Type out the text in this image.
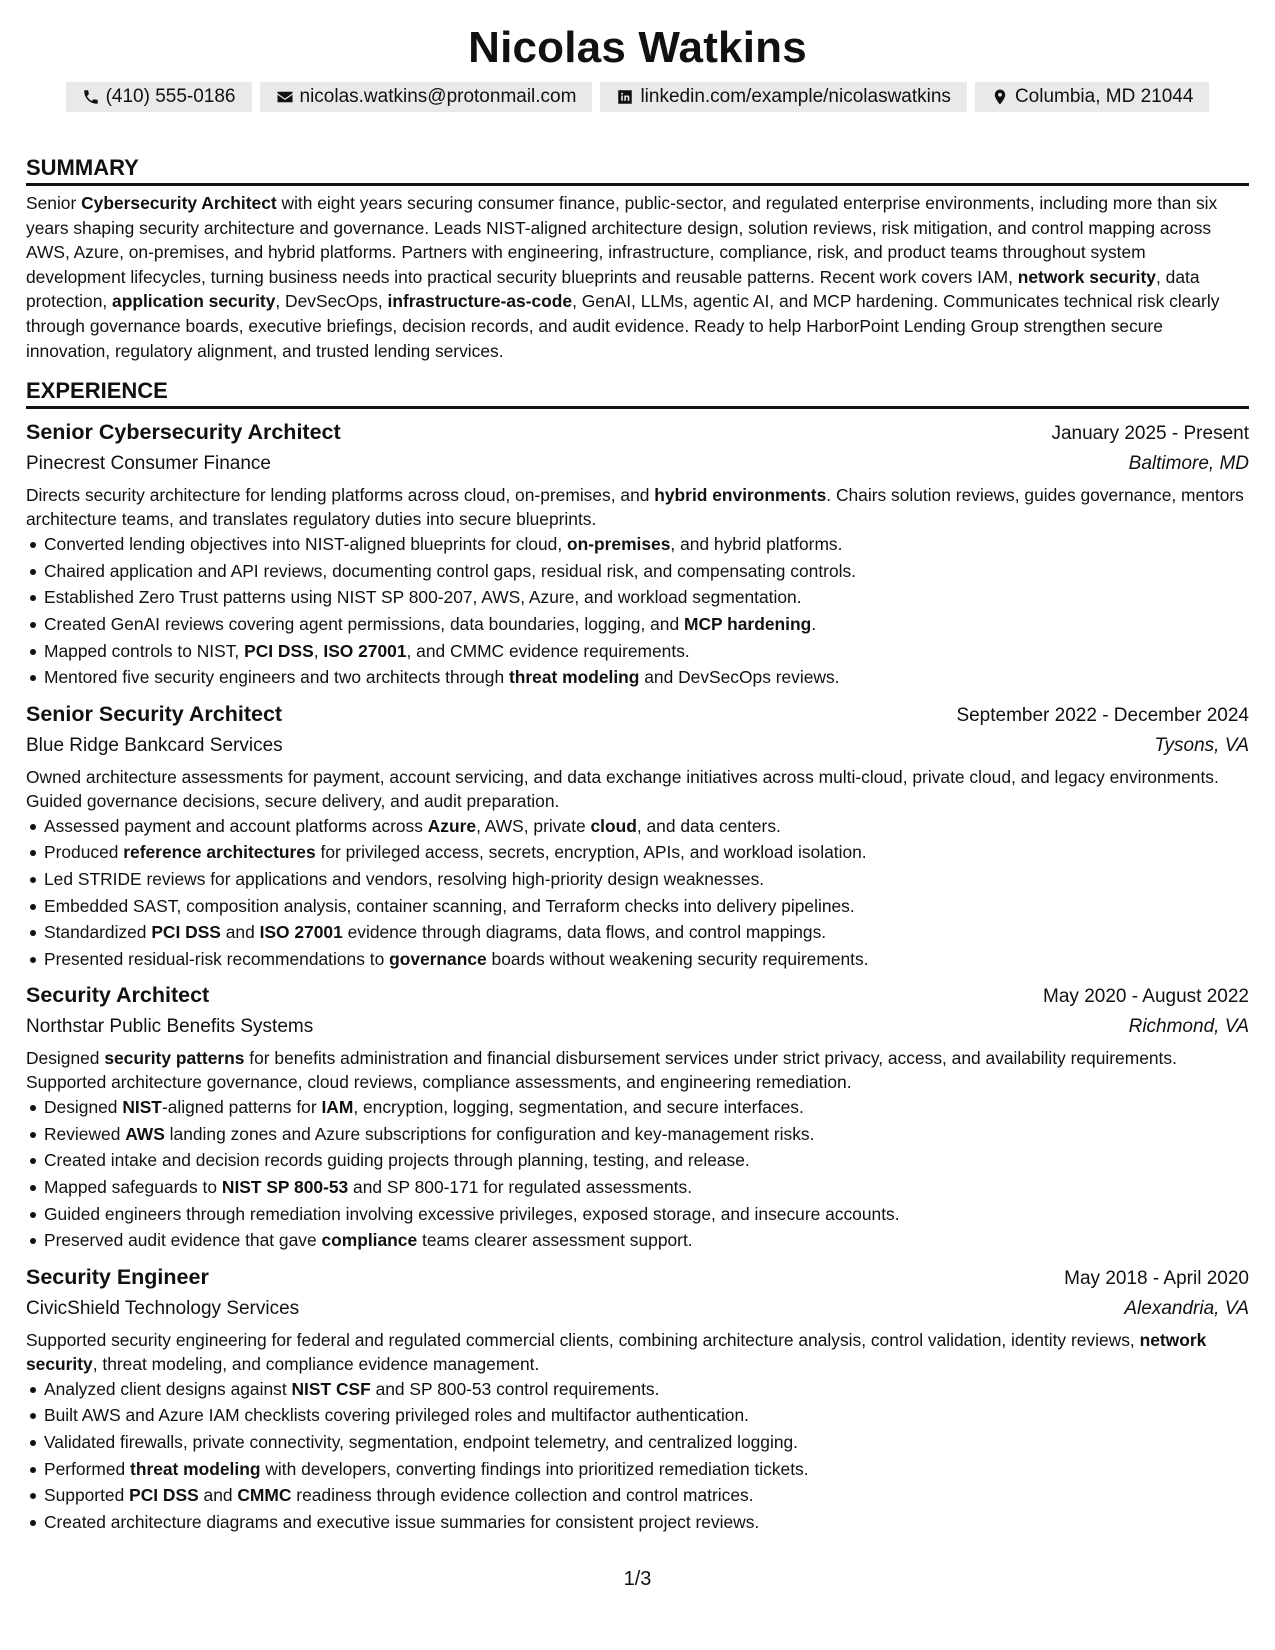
Nicolas Watkins
(410) 555-0186	nicolas.watkins@protonmail.com	linkedin.com/example/nicolaswatkins	Columbia, MD 21044
SUMMARY

Senior Cybersecurity Architect with eight years securing consumer finance, public-sector, and regulated enterprise environments, including more than six years shaping security architecture and governance. Leads NIST-aligned architecture design, solution reviews, risk mitigation, and control mapping across AWS, Azure, on-premises, and hybrid platforms. Partners with engineering, infrastructure, compliance, risk, and product teams throughout system development lifecycles, turning business needs into practical security blueprints and reusable patterns. Recent work covers IAM, network security, data protection, application security, DevSecOps, infrastructure-as-code, GenAI, LLMs, agentic AI, and MCP hardening. Communicates technical risk clearly through governance boards, executive briefings, decision records, and audit evidence. Ready to help HarborPoint Lending Group strengthen secure innovation, regulatory alignment, and trusted lending services.

EXPERIENCE
Senior Cybersecurity Architect	January 2025 - Present
Pinecrest Consumer Finance	Baltimore, MD

Directs security architecture for lending platforms across cloud, on-premises, and hybrid environments. Chairs solution reviews, guides governance, mentors architecture teams, and translates regulatory duties into secure blueprints.

Converted lending objectives into NIST-aligned blueprints for cloud, on-premises, and hybrid platforms.
Chaired application and API reviews, documenting control gaps, residual risk, and compensating controls.
Established Zero Trust patterns using NIST SP 800-207, AWS, Azure, and workload segmentation.
Created GenAI reviews covering agent permissions, data boundaries, logging, and MCP hardening.
Mapped controls to NIST, PCI DSS, ISO 27001, and CMMC evidence requirements.
Mentored five security engineers and two architects through threat modeling and DevSecOps reviews.
Senior Security Architect	September 2022 - December 2024
Blue Ridge Bankcard Services	Tysons, VA

Owned architecture assessments for payment, account servicing, and data exchange initiatives across multi-cloud, private cloud, and legacy environments. Guided governance decisions, secure delivery, and audit preparation.

Assessed payment and account platforms across Azure, AWS, private cloud, and data centers.
Produced reference architectures for privileged access, secrets, encryption, APIs, and workload isolation.
Led STRIDE reviews for applications and vendors, resolving high-priority design weaknesses.
Embedded SAST, composition analysis, container scanning, and Terraform checks into delivery pipelines.
Standardized PCI DSS and ISO 27001 evidence through diagrams, data flows, and control mappings.
Presented residual-risk recommendations to governance boards without weakening security requirements.
Security Architect	May 2020 - August 2022
Northstar Public Benefits Systems	Richmond, VA

Designed security patterns for benefits administration and financial disbursement services under strict privacy, access, and availability requirements. Supported architecture governance, cloud reviews, compliance assessments, and engineering remediation.

Designed NIST-aligned patterns for IAM, encryption, logging, segmentation, and secure interfaces.
Reviewed AWS landing zones and Azure subscriptions for configuration and key-management risks.
Created intake and decision records guiding projects through planning, testing, and release.
Mapped safeguards to NIST SP 800-53 and SP 800-171 for regulated assessments.
Guided engineers through remediation involving excessive privileges, exposed storage, and insecure accounts.
Preserved audit evidence that gave compliance teams clearer assessment support.
Security Engineer	May 2018 - April 2020
CivicShield Technology Services	Alexandria, VA

Supported security engineering for federal and regulated commercial clients, combining architecture analysis, control validation, identity reviews, network security, threat modeling, and compliance evidence management.

Analyzed client designs against NIST CSF and SP 800-53 control requirements.
Built AWS and Azure IAM checklists covering privileged roles and multifactor authentication.
Validated firewalls, private connectivity, segmentation, endpoint telemetry, and centralized logging.
Performed threat modeling with developers, converting findings into prioritized remediation tickets.
Supported PCI DSS and CMMC readiness through evidence collection and control matrices.
Created architecture diagrams and executive issue summaries for consistent project reviews.
1/3
